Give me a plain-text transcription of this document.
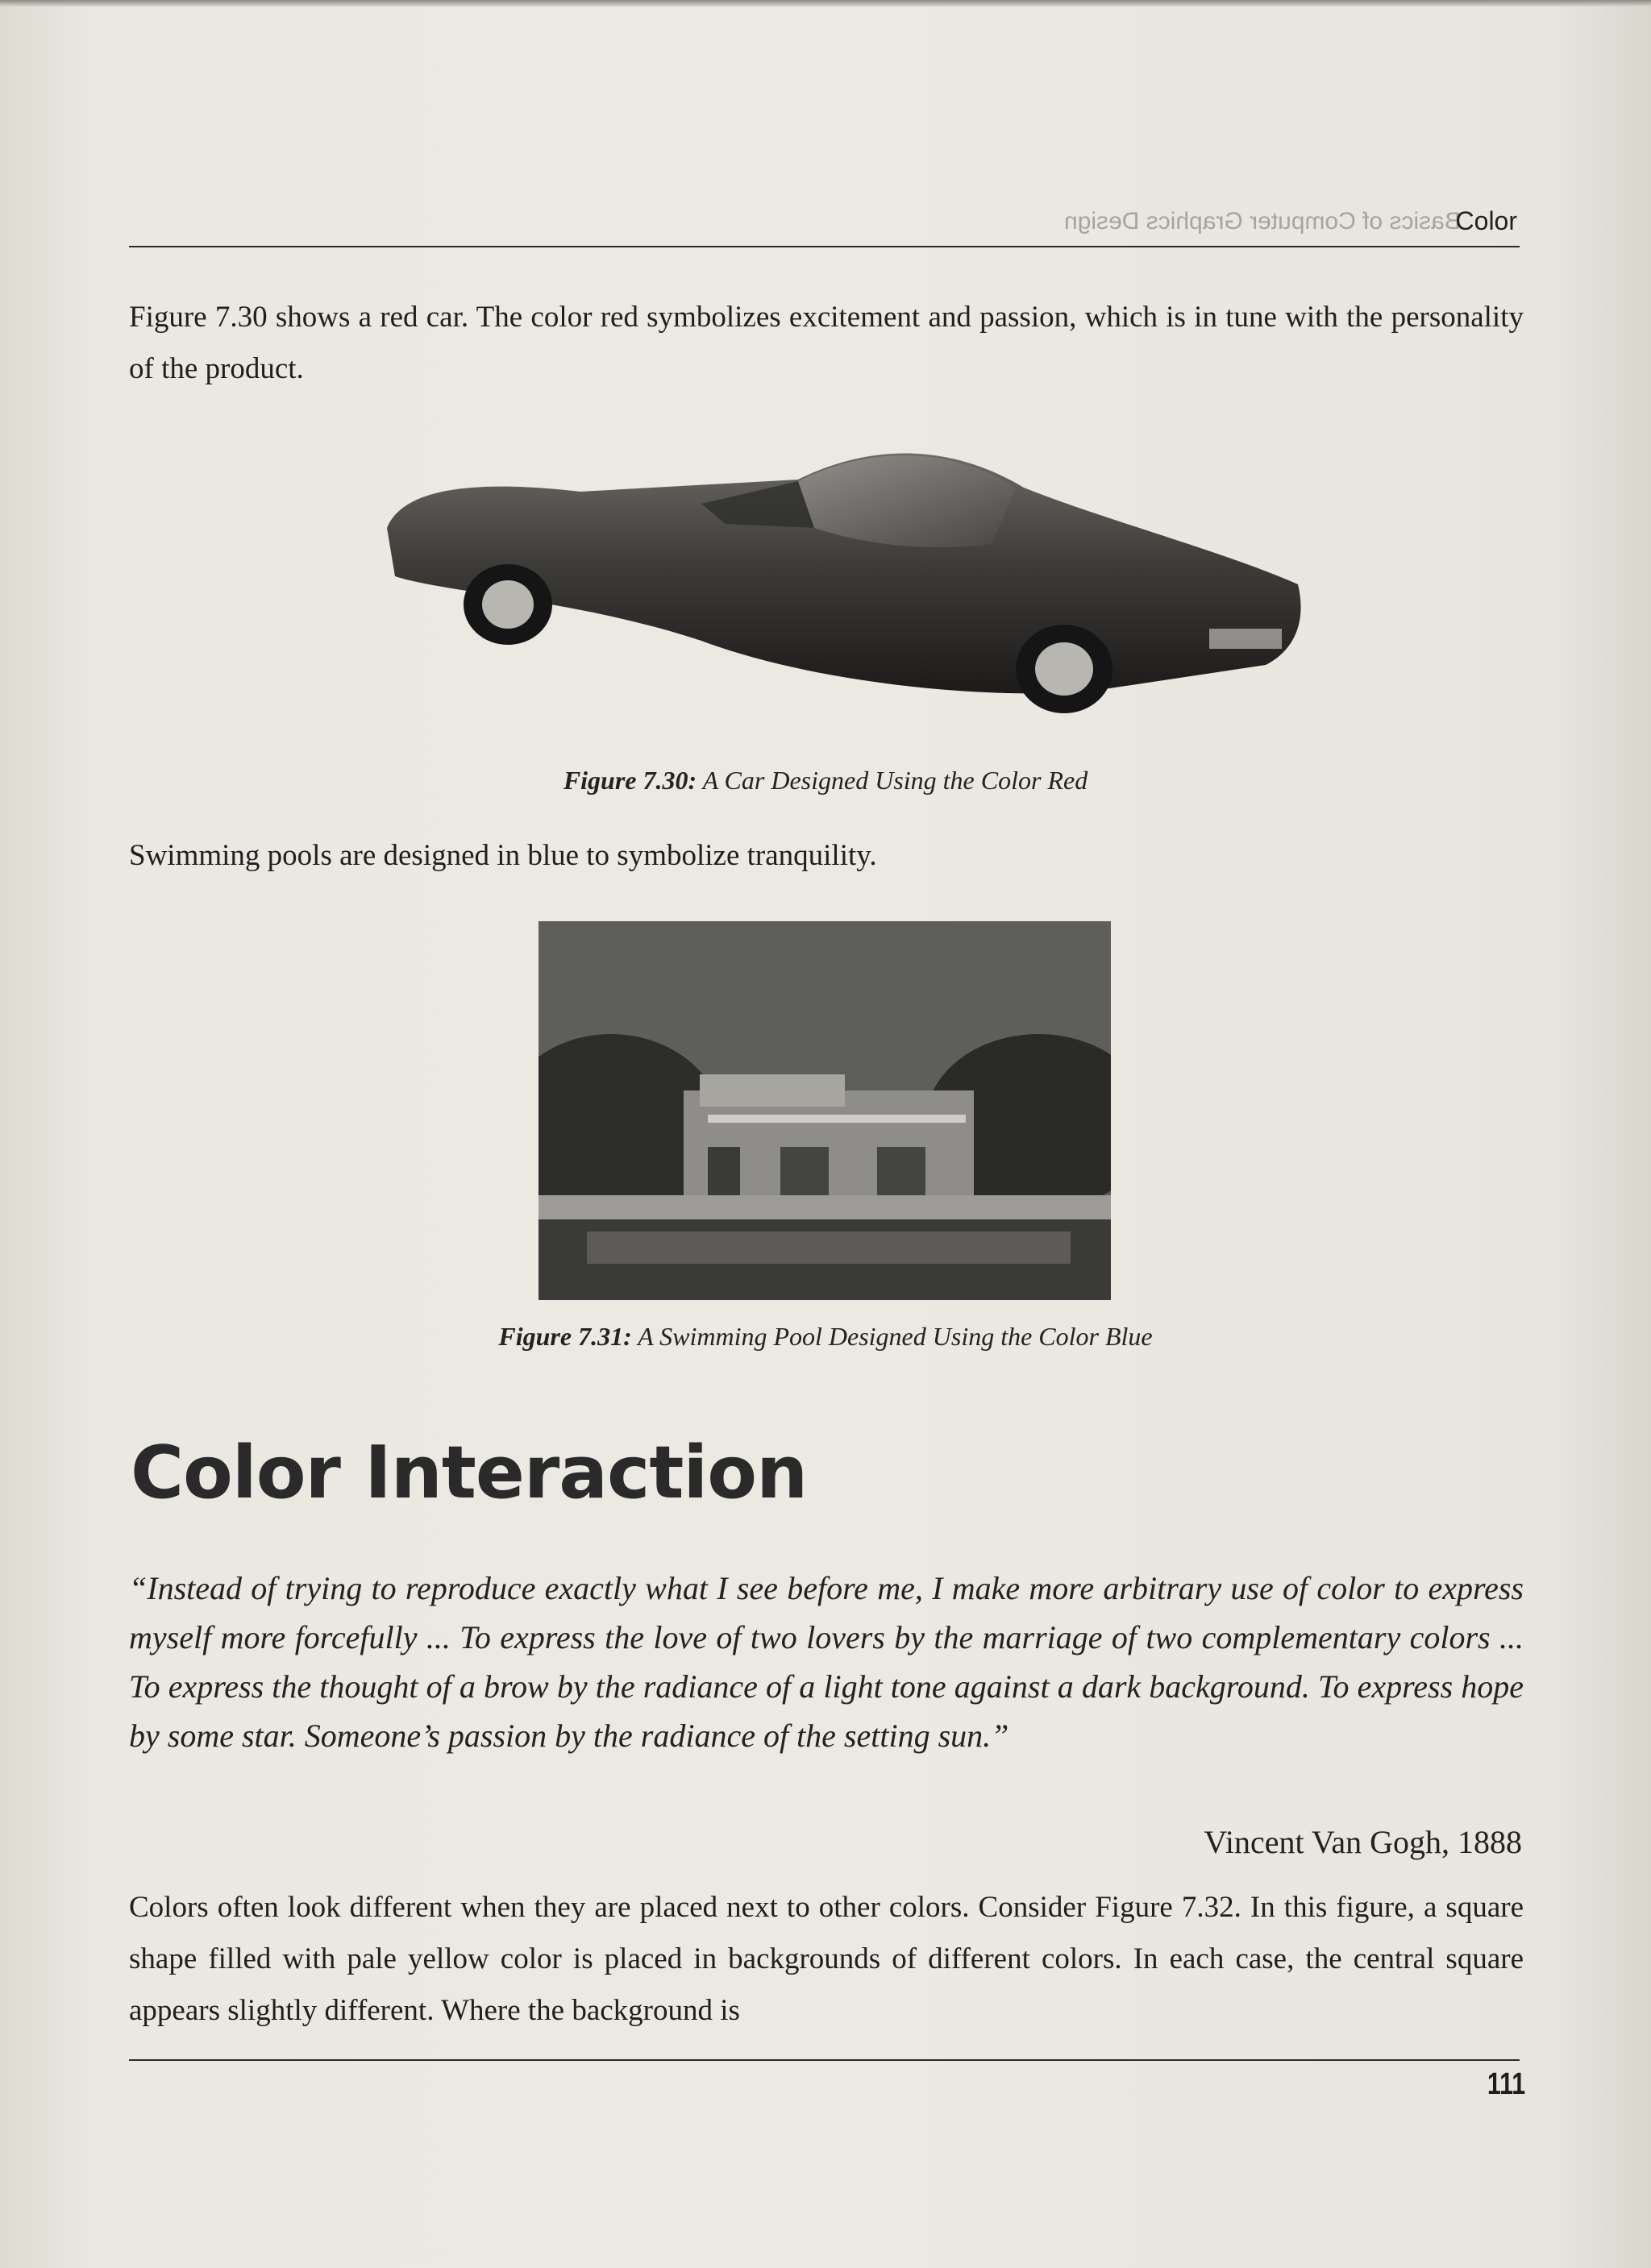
Basics of Computer Graphics Design
Color
Figure 7.30 shows a red car. The color red symbolizes excitement and passion, which is in tune with the personality of the product.
Figure 7.30: A Car Designed Using the Color Red
Swimming pools are designed in blue to symbolize tranquility.
Figure 7.31: A Swimming Pool Designed Using the Color Blue
Color Interaction
“Instead of trying to reproduce exactly what I see before me, I make more arbitrary use of color to express myself more forcefully ... To express the love of two lovers by the marriage of two complementary colors ... To express the thought of a brow by the radiance of a light tone against a dark background. To express hope by some star. Someone’s passion by the radiance of the setting sun.”
Vincent Van Gogh, 1888
Colors often look different when they are placed next to other colors. Consider Figure 7.32. In this figure, a square shape filled with pale yellow color is placed in backgrounds of different colors. In each case, the central square appears slightly different. Where the background is
111
